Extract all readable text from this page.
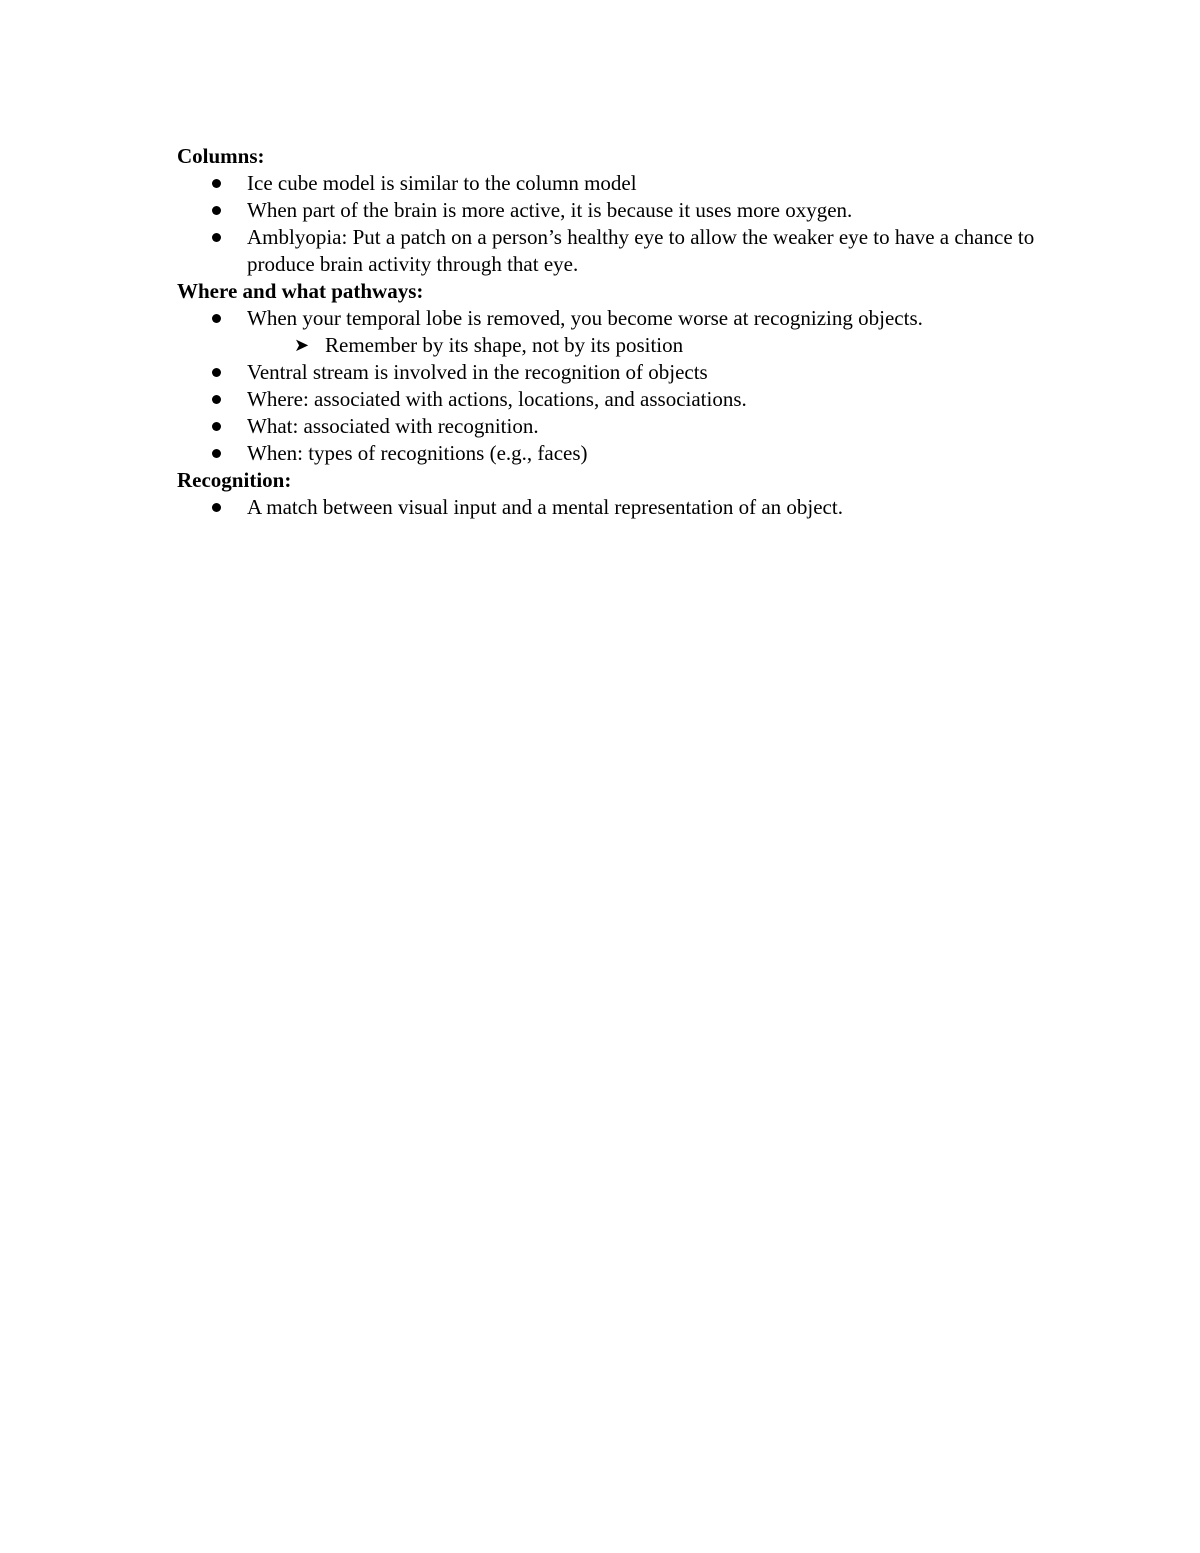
Columns:
Ice cube model is similar to the column model
When part of the brain is more active, it is because it uses more oxygen.
Amblyopia: Put a patch on a person’s healthy eye to allow the weaker eye to have a chance to produce brain activity through that eye.
Where and what pathways:
When your temporal lobe is removed, you become worse at recognizing objects.
➤ Remember by its shape, not by its position
Ventral stream is involved in the recognition of objects
Where: associated with actions, locations, and associations.
What: associated with recognition.
When: types of recognitions (e.g., faces)
Recognition:
A match between visual input and a mental representation of an object.
